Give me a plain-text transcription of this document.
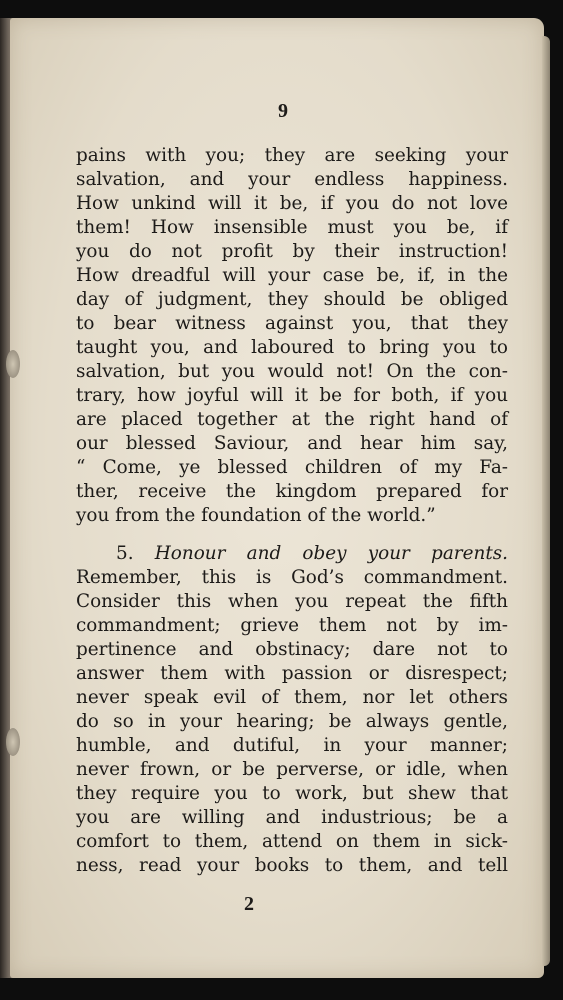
9
pains with you; they are seeking your
salvation, and your endless happiness.
How unkind will it be, if you do not love
them! How insensible must you be, if
you do not profit by their instruction!
How dreadful will your case be, if, in the
day of judgment, they should be obliged
to bear witness against you, that they
taught you, and laboured to bring you to
salvation, but you would not! On the con-
trary, how joyful will it be for both, if you
are placed together at the right hand of
our blessed Saviour, and hear him say,
“ Come, ye blessed children of my Fa-
ther, receive the kingdom prepared for
you from the foundation of the world.”
5. Honour and obey your parents.
Remember, this is God’s commandment.
Consider this when you repeat the fifth
commandment; grieve them not by im-
pertinence and obstinacy; dare not to
answer them with passion or disrespect;
never speak evil of them, nor let others
do so in your hearing; be always gentle,
humble, and dutiful, in your manner;
never frown, or be perverse, or idle, when
they require you to work, but shew that
you are willing and industrious; be a
comfort to them, attend on them in sick-
ness, read your books to them, and tell
2
